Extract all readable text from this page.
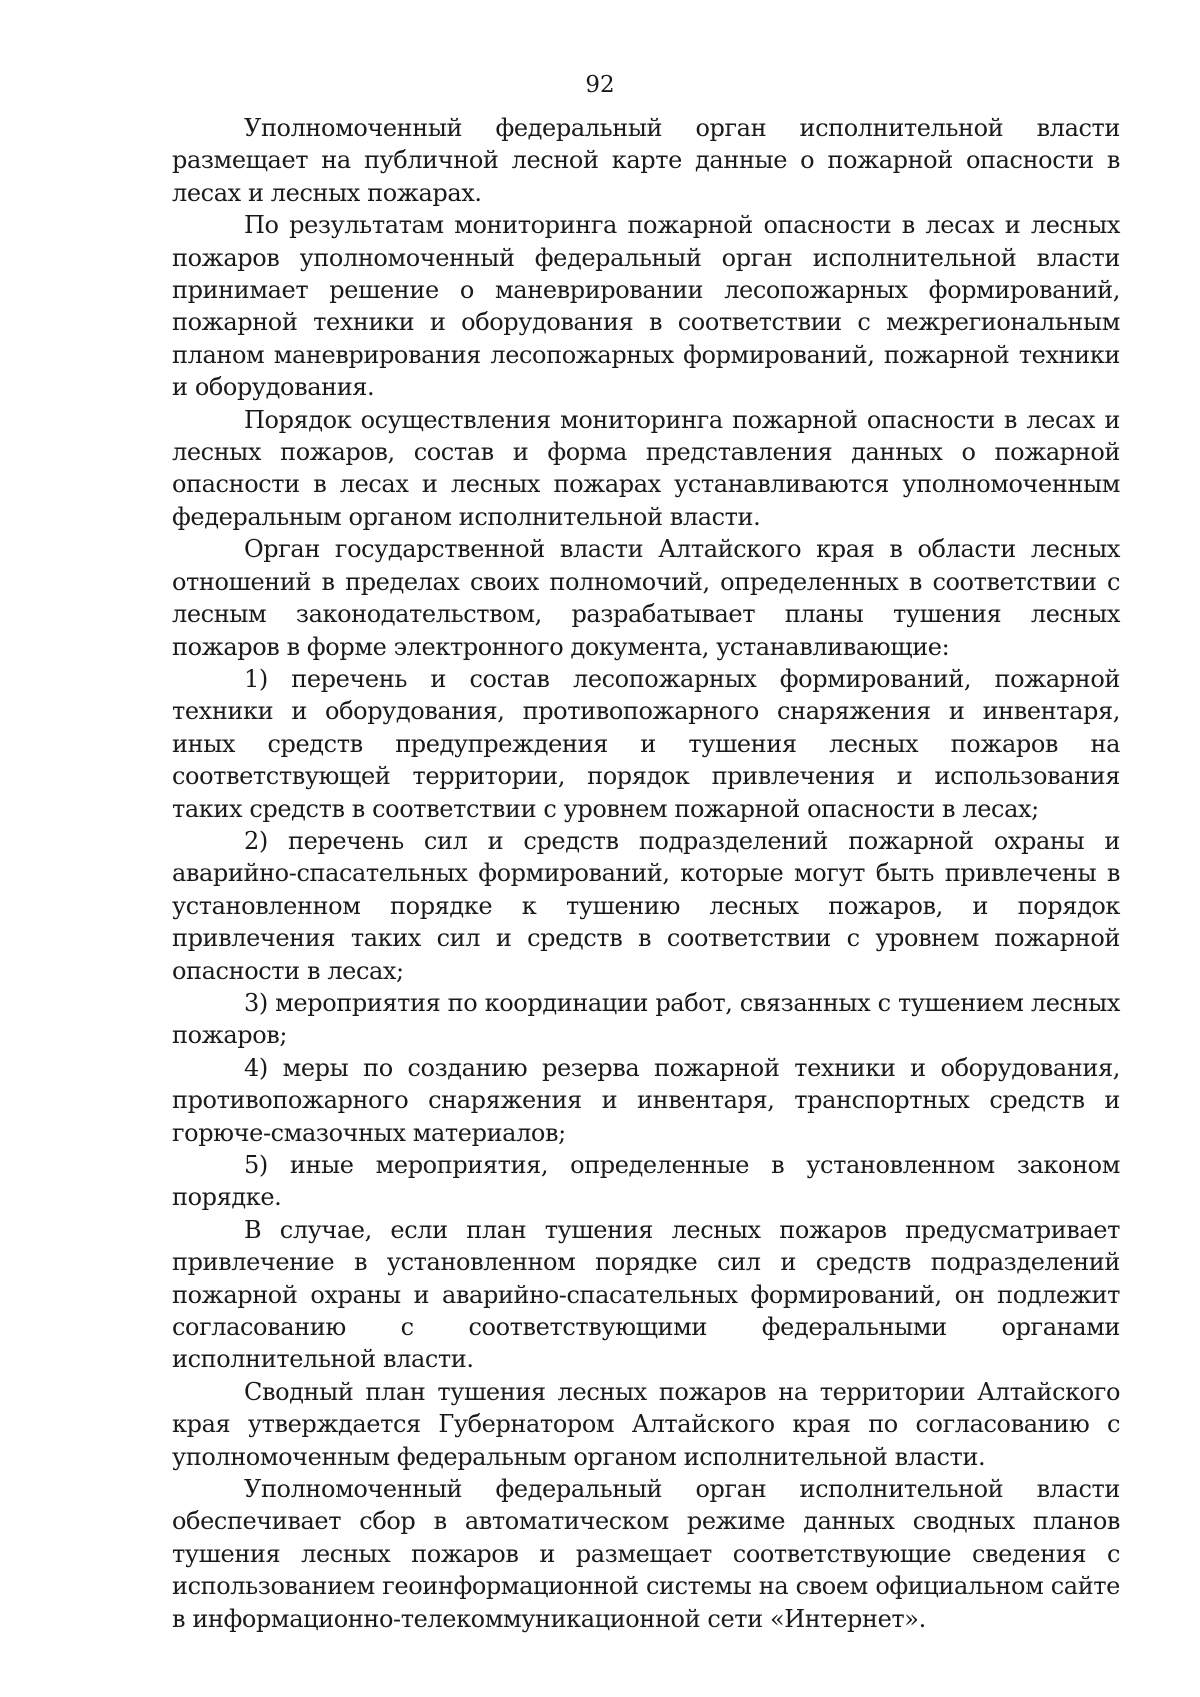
92

Уполномоченный федеральный орган исполнительной власти размещает на публичной лесной карте данные о пожарной опасности в лесах и лесных пожарах.

По результатам мониторинга пожарной опасности в лесах и лесных пожаров уполномоченный федеральный орган исполнительной власти принимает решение о маневрировании лесопожарных формирований, пожарной техники и оборудования в соответствии с межрегиональным планом маневрирования лесопожарных формирований, пожарной техники и оборудования.

Порядок осуществления мониторинга пожарной опасности в лесах и лесных пожаров, состав и форма представления данных о пожарной опасности в лесах и лесных пожарах устанавливаются уполномоченным федеральным органом исполнительной власти.

Орган государственной власти Алтайского края в области лесных отношений в пределах своих полномочий, определенных в соответствии с лесным законодательством, разрабатывает планы тушения лесных пожаров в форме электронного документа, устанавливающие:

1) перечень и состав лесопожарных формирований, пожарной техники и оборудования, противопожарного снаряжения и инвентаря, иных средств предупреждения и тушения лесных пожаров на соответствующей территории, порядок привлечения и использования таких средств в соответствии с уровнем пожарной опасности в лесах;

2) перечень сил и средств подразделений пожарной охраны и аварийно-спасательных формирований, которые могут быть привлечены в установленном порядке к тушению лесных пожаров, и порядок привлечения таких сил и средств в соответствии с уровнем пожарной опасности в лесах;

3) мероприятия по координации работ, связанных с тушением лесных пожаров;

4) меры по созданию резерва пожарной техники и оборудования, противопожарного снаряжения и инвентаря, транспортных средств и горюче-смазочных материалов;

5) иные мероприятия, определенные в установленном законом порядке.

В случае, если план тушения лесных пожаров предусматривает привлечение в установленном порядке сил и средств подразделений пожарной охраны и аварийно-спасательных формирований, он подлежит согласованию с соответствующими федеральными органами исполнительной власти.

Сводный план тушения лесных пожаров на территории Алтайского края утверждается Губернатором Алтайского края по согласованию с уполномоченным федеральным органом исполнительной власти.

Уполномоченный федеральный орган исполнительной власти обеспечивает сбор в автоматическом режиме данных сводных планов тушения лесных пожаров и размещает соответствующие сведения с использованием геоинформационной системы на своем официальном сайте в информационно-телекоммуникационной сети «Интернет».
